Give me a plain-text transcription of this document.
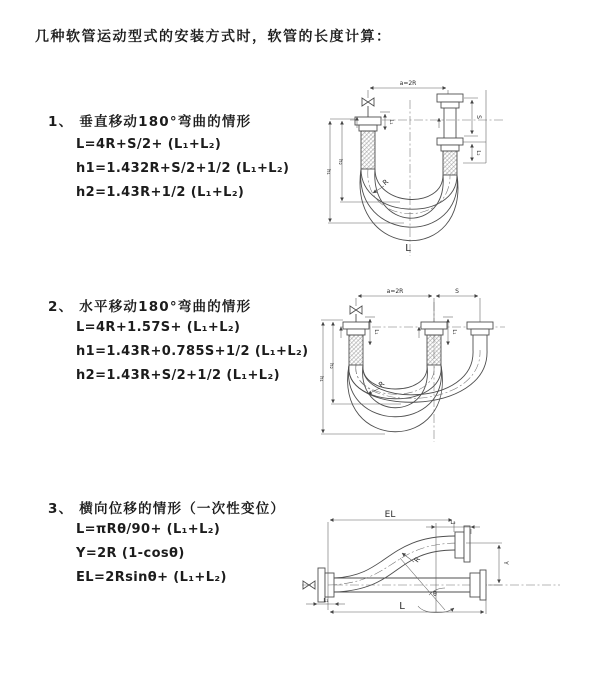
几种软管运动型式的安装方式时，软管的长度计算：
1、 垂直移动180°弯曲的情形
L=4R+S/2+ (L₁+L₂)
h1=1.432R+S/2+1/2 (L₁+L₂)
h2=1.43R+1/2 (L₁+L₂)
a=2R
S
L₂
L₁
h₁
h₂
R
L
2、 水平移动180°弯曲的情形
L=4R+1.57S+ (L₁+L₂)
h1=1.43R+0.785S+1/2 (L₁+L₂)
h2=1.43R+S/2+1/2 (L₁+L₂)
a=2R	S
L₁	L₁
h₁
h₂
R
3、 横向位移的情形（一次性变位）
L=πRθ/90+ (L₁+L₂)
Y=2R (1-cosθ)
EL=2Rsinθ+ (L₁+L₂)
EL
L₂
Y
R
θ
L
L₁
